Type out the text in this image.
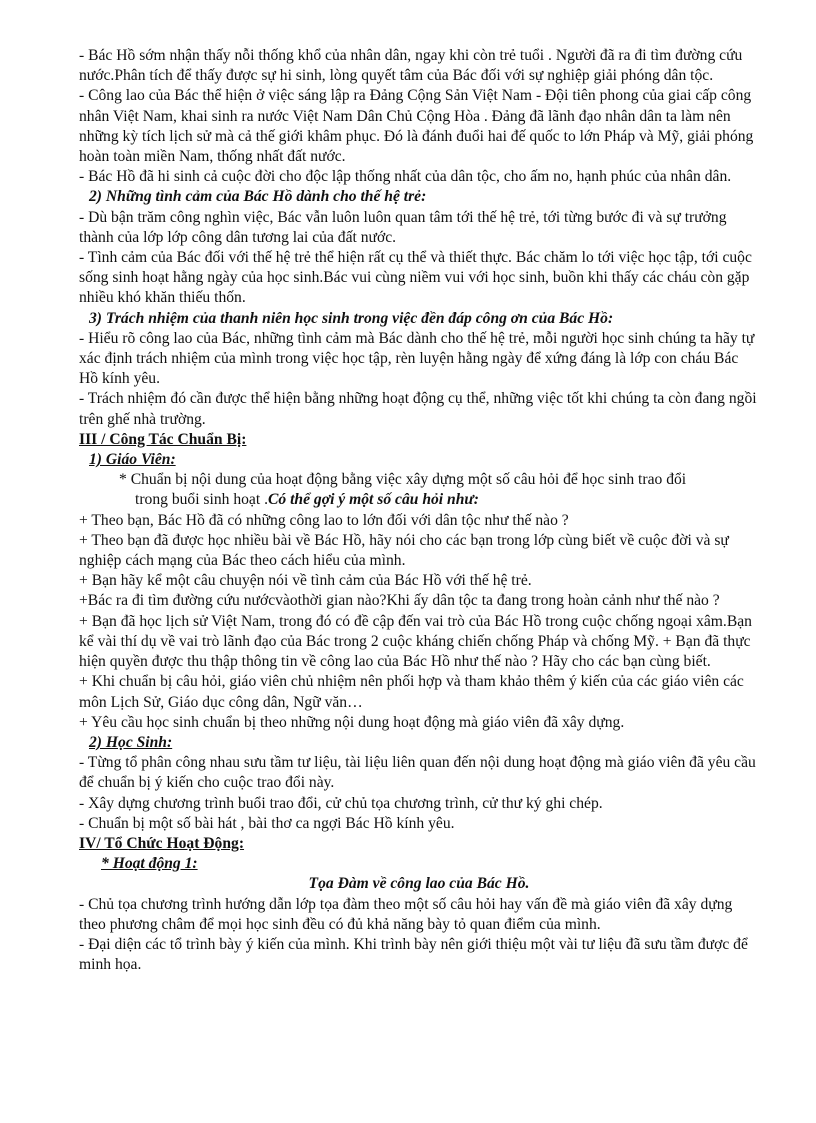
- Bác Hồ sớm nhận thấy nỗi thống khổ của nhân dân, ngay khi còn trẻ tuổi . Người đã ra đi tìm đường cứu nước.Phân tích để thấy được sự hi sinh, lòng quyết tâm của Bác đối với sự nghiệp giải phóng dân tộc.

- Công lao của Bác thể hiện ở việc sáng lập ra Đảng Cộng Sản Việt Nam - Đội tiên phong của giai cấp công nhân Việt Nam, khai sinh ra nước Việt Nam Dân Chủ Cộng Hòa . Đảng đã lãnh đạo nhân dân ta làm nên những kỳ tích lịch sử mà cả thế giới khâm phục. Đó là đánh đuổi hai đế quốc to lớn Pháp và Mỹ, giải phóng hoàn toàn miền Nam, thống nhất đất nước.

- Bác Hồ đã hi sinh cả cuộc đời cho độc lập thống nhất của dân tộc, cho ấm no, hạnh phúc của nhân dân.

2) Những tình cảm của Bác Hồ dành cho thế hệ trẻ:

- Dù bận trăm công nghìn việc, Bác vẫn luôn luôn quan tâm tới thế hệ trẻ, tới từng bước đi và sự trưởng thành của lớp lớp công dân tương lai của đất nước.

- Tình cảm của Bác đối với thế hệ trẻ thể hiện rất cụ thể và thiết thực. Bác chăm lo tới việc học tập, tới cuộc sống sinh hoạt hằng ngày của học sinh.Bác vui cùng niềm vui với học sinh, buồn khi thấy các cháu còn gặp nhiều khó khăn thiếu thốn.

3) Trách nhiệm của thanh niên học sinh trong việc đền đáp công ơn của Bác Hồ:

- Hiểu rõ công lao của Bác, những tình cảm mà Bác dành cho thế hệ trẻ, mỗi người học sinh chúng ta hãy tự xác định trách nhiệm của mình trong việc học tập, rèn luyện hằng ngày để xứng đáng là lớp con cháu Bác Hồ kính yêu.

- Trách nhiệm đó cần được thể hiện bằng những hoạt động cụ thể, những việc tốt khi chúng ta còn đang ngồi trên ghế nhà trường.

III / Công Tác Chuẩn Bị:

1) Giáo Viên:

* Chuẩn bị nội dung của hoạt động bằng việc xây dựng một số câu hỏi để học sinh trao đổi

trong buổi sinh hoạt .Có thể gợi ý một số câu hỏi như:

+ Theo bạn, Bác Hồ đã có những công lao to lớn đối với dân tộc như thế nào ?

+ Theo bạn đã được học nhiều bài về Bác Hồ, hãy nói cho các bạn trong lớp cùng biết về cuộc đời và sự nghiệp cách mạng của Bác theo cách hiểu của mình.

+ Bạn hãy kể một câu chuyện nói về tình cảm của Bác Hồ với thế hệ trẻ.

+Bác ra đi tìm đường cứu nướcvàothời gian nào?Khi ấy dân tộc ta đang trong hoàn cảnh như thế nào ?

+ Bạn đã học lịch sử Việt Nam, trong đó có đề cập đến vai trò của Bác Hồ trong cuộc chống ngoại xâm.Bạn kể vài thí dụ về vai trò lãnh đạo của Bác trong 2 cuộc kháng chiến chống Pháp và chống Mỹ. + Bạn đã thực hiện quyền được thu thập thông tin về công lao của Bác Hồ như thế nào ? Hãy cho các bạn cùng biết.

+ Khi chuẩn bị câu hỏi, giáo viên chủ nhiệm nên phối hợp và tham khảo thêm ý kiến của các giáo viên các môn Lịch Sử, Giáo dục công dân, Ngữ văn…

+ Yêu cầu học sinh chuẩn bị theo những nội dung hoạt động mà giáo viên đã xây dựng.

2) Học Sinh:

- Từng tổ phân công nhau sưu tầm tư liệu, tài liệu liên quan đến nội dung hoạt động mà giáo viên đã yêu cầu để chuẩn bị ý kiến cho cuộc trao đổi này.

- Xây dựng chương trình buổi trao đổi, cử chủ tọa chương trình, cử thư ký ghi chép.

- Chuẩn bị một số bài hát , bài thơ ca ngợi Bác Hồ kính yêu.

IV/ Tổ Chức Hoạt Động:

* Hoạt động 1:

Tọa Đàm về công lao của Bác Hồ.

- Chủ tọa chương trình hướng dẫn lớp tọa đàm theo một số câu hỏi hay vấn đề mà giáo viên đã xây dựng theo phương châm để mọi học sinh đều có đủ khả năng bày tỏ quan điểm của mình.

- Đại diện các tổ trình bày ý kiến của mình. Khi trình bày nên giới thiệu một vài tư liệu đã sưu tầm được để minh họa.
